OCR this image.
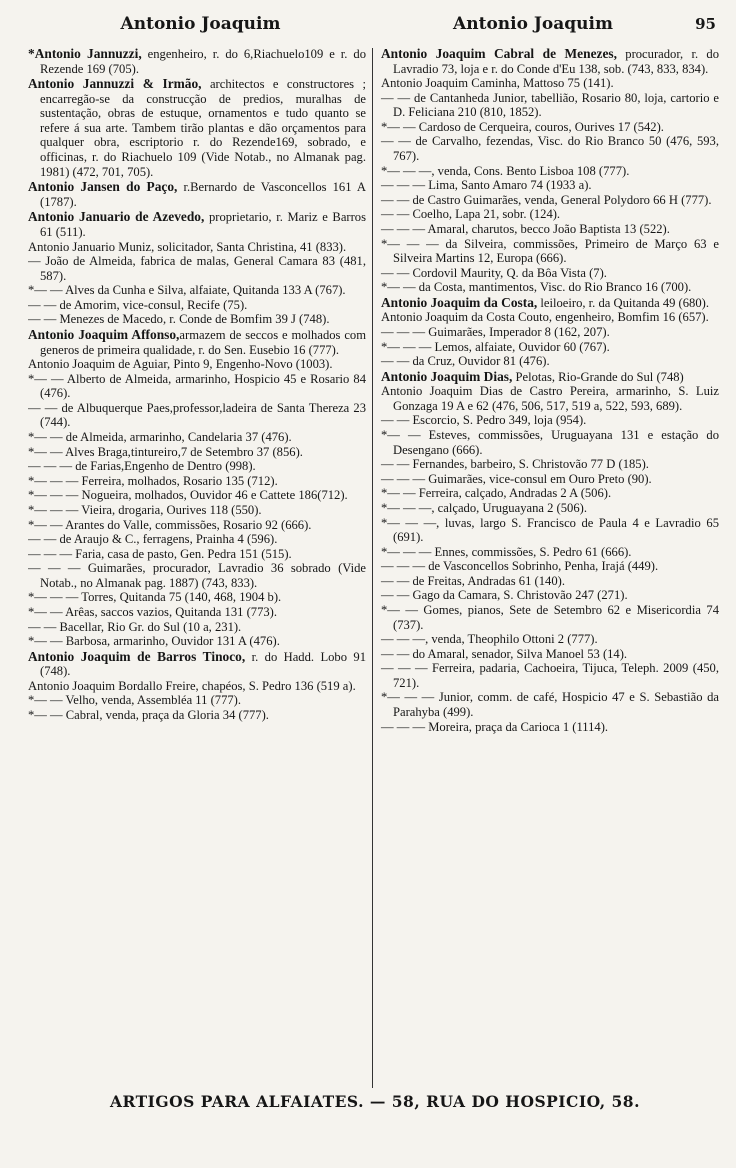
Antonio Joaquim	Antonio Joaquim	95

*Antonio Jannuzzi, engenheiro, r. do 6,Riachuelo109 e r. do Rezende 169 (705).

Antonio Jannuzzi & Irmão, architectos e constructores ; encarregão-se da construcção de predios, muralhas de sustentação, obras de estuque, ornamentos e tudo quanto se refere á sua arte. Tambem tirão plantas e dão orçamentos para qualquer obra, escriptorio r. do Rezende169, sobrado, e officinas, r. do Riachuelo 109 (Vide Notab., no Almanak pag. 1981) (472, 701, 705).

Antonio Jansen do Paço, r.Bernardo de Vasconcellos 161 A (1787).

Antonio Januario de Azevedo, proprietario, r. Mariz e Barros 61 (511).

Antonio Januario Muniz, solicitador, Santa Christina, 41 (833).

— João de Almeida, fabrica de malas, General Camara 83 (481, 587).

*— — Alves da Cunha e Silva, alfaiate, Quitanda 133 A (767).

— — de Amorim, vice-consul, Recife (75).

— — Menezes de Macedo, r. Conde de Bomfim 39 J (748).

Antonio Joaquim Affonso,armazem de seccos e molhados com generos de primeira qualidade, r. do Sen. Eusebio 16 (777).

Antonio Joaquim de Aguiar, Pinto 9, Engenho-Novo (1003).

*— — Alberto de Almeida, armarinho, Hospicio 45 e Rosario 84 (476).

— — de Albuquerque Paes,professor,ladeira de Santa Thereza 23 (744).

*— — de Almeida, armarinho, Candelaria 37 (476).

*— — Alves Braga,tintureiro,7 de Setembro 37 (856).

— — — de Farias,Engenho de Dentro (998).

*— — — Ferreira, molhados, Rosario 135 (712).

*— — — Nogueira, molhados, Ouvidor 46 e Cattete 186(712).

*— — — Vieira, drogaria, Ourives 118 (550).

*— — Arantes do Valle, commissões, Rosario 92 (666).

— — de Araujo & C., ferragens, Prainha 4 (596).

— — — Faria, casa de pasto, Gen. Pedra 151 (515).

— — — Guimarães, procurador, Lavradio 36 sobrado (Vide Notab., no Almanak pag. 1887) (743, 833).

*— — — Torres, Quitanda 75 (140, 468, 1904 b).

*— — Arêas, saccos vazios, Quitanda 131 (773).

— — Bacellar, Rio Gr. do Sul (10 a, 231).

*— — Barbosa, armarinho, Ouvidor 131 A (476).

Antonio Joaquim de Barros Tinoco, r. do Hadd. Lobo 91 (748).

Antonio Joaquim Bordallo Freire, chapéos, S. Pedro 136 (519 a).

*— — Velho, venda, Assembléa 11 (777).

*— — Cabral, venda, praça da Gloria 34 (777).

Antonio Joaquim Cabral de Menezes, procurador, r. do Lavradio 73, loja e r. do Conde d'Eu 138, sob. (743, 833, 834).

Antonio Joaquim Caminha, Mattoso 75 (141).

— — de Cantanheda Junior, tabellião, Rosario 80, loja, cartorio e D. Feliciana 210 (810, 1852).

*— — Cardoso de Cerqueira, couros, Ourives 17 (542).

— — de Carvalho, fezendas, Visc. do Rio Branco 50 (476, 593, 767).

*— — —, venda, Cons. Bento Lisboa 108 (777).

— — — Lima, Santo Amaro 74 (1933 a).

— — de Castro Guimarães, venda, General Polydoro 66 H (777).

— — Coelho, Lapa 21, sobr. (124).

— — — Amaral, charutos, becco João Baptista 13 (522).

*— — — da Silveira, commissões, Primeiro de Março 63 e Silveira Martins 12, Europa (666).

— — Cordovil Maurity, Q. da Bôa Vista (7).

*— — da Costa, mantimentos, Visc. do Rio Branco 16 (700).

Antonio Joaquim da Costa, leiloeiro, r. da Quitanda 49 (680).

Antonio Joaquim da Costa Couto, engenheiro, Bomfim 16 (657).

— — — Guimarães, Imperador 8 (162, 207).

*— — — Lemos, alfaiate, Ouvidor 60 (767).

— — da Cruz, Ouvidor 81 (476).

Antonio Joaquim Dias, Pelotas, Rio-Grande do Sul (748)

Antonio Joaquim Dias de Castro Pereira, armarinho, S. Luiz Gonzaga 19 A e 62 (476, 506, 517, 519 a, 522, 593, 689).

— — Escorcio, S. Pedro 349, loja (954).

*— — Esteves, commissões, Uruguayana 131 e estação do Desengano (666).

— — Fernandes, barbeiro, S. Christovão 77 D (185).

— — — Guimarães, vice-consul em Ouro Preto (90).

*— — Ferreira, calçado, Andradas 2 A (506).

*— — —, calçado, Uruguayana 2 (506).

*— — —, luvas, largo S. Francisco de Paula 4 e Lavradio 65 (691).

*— — — Ennes, commissões, S. Pedro 61 (666).

— — — de Vasconcellos Sobrinho, Penha, Irajá (449).

— — de Freitas, Andradas 61 (140).

— — Gago da Camara, S. Christovão 247 (271).

*— — Gomes, pianos, Sete de Setembro 62 e Misericordia 74 (737).

— — —, venda, Theophilo Ottoni 2 (777).

— — do Amaral, senador, Silva Manoel 53 (14).

— — — Ferreira, padaria, Cachoeira, Tijuca, Teleph. 2009 (450, 721).

*— — — Junior, comm. de café, Hospicio 47 e S. Sebastião da Parahyba (499).

— — — Moreira, praça da Carioca 1 (1114).

ARTIGOS PARA ALFAIATES. — 58, RUA DO HOSPICIO, 58.
